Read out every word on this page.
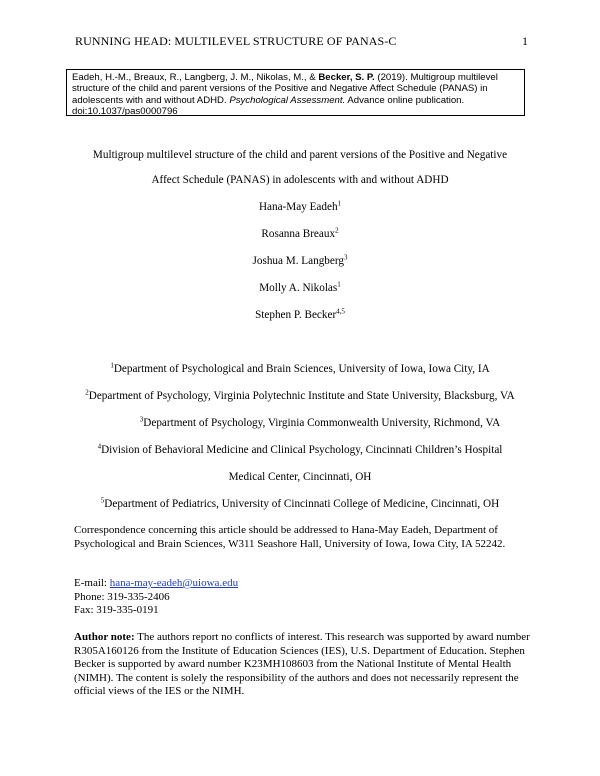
RUNNING HEAD: MULTILEVEL STRUCTURE OF PANAS-C	1
Eadeh, H.-M., Breaux, R., Langberg, J. M., Nikolas, M., & Becker, S. P. (2019). Multigroup multilevel structure of the child and parent versions of the Positive and Negative Affect Schedule (PANAS) in adolescents with and without ADHD. Psychological Assessment. Advance online publication. doi:10.1037/pas0000796
Multigroup multilevel structure of the child and parent versions of the Positive and Negative
Affect Schedule (PANAS) in adolescents with and without ADHD
Hana-May Eadeh$^1$
Rosanna Breaux$^2$
Joshua M. Langberg$^3$
Molly A. Nikolas$^1$
Stephen P. Becker$^{4,5}$
$^1$Department of Psychological and Brain Sciences, University of Iowa, Iowa City, IA
$^2$Department of Psychology, Virginia Polytechnic Institute and State University, Blacksburg, VA
$^3$Department of Psychology, Virginia Commonwealth University, Richmond, VA
$^4$Division of Behavioral Medicine and Clinical Psychology, Cincinnati Children’s Hospital
Medical Center, Cincinnati, OH
$^5$Department of Pediatrics, University of Cincinnati College of Medicine, Cincinnati, OH
Correspondence concerning this article should be addressed to Hana-May Eadeh, Department of Psychological and Brain Sciences, W311 Seashore Hall, University of Iowa, Iowa City, IA 52242.
E-mail: hana-may-eadeh@uiowa.edu
Phone: 319-335-2406
Fax: 319-335-0191
Author note: The authors report no conflicts of interest. This research was supported by award number R305A160126 from the Institute of Education Sciences (IES), U.S. Department of Education. Stephen Becker is supported by award number K23MH108603 from the National Institute of Mental Health (NIMH). The content is solely the responsibility of the authors and does not necessarily represent the official views of the IES or the NIMH.
